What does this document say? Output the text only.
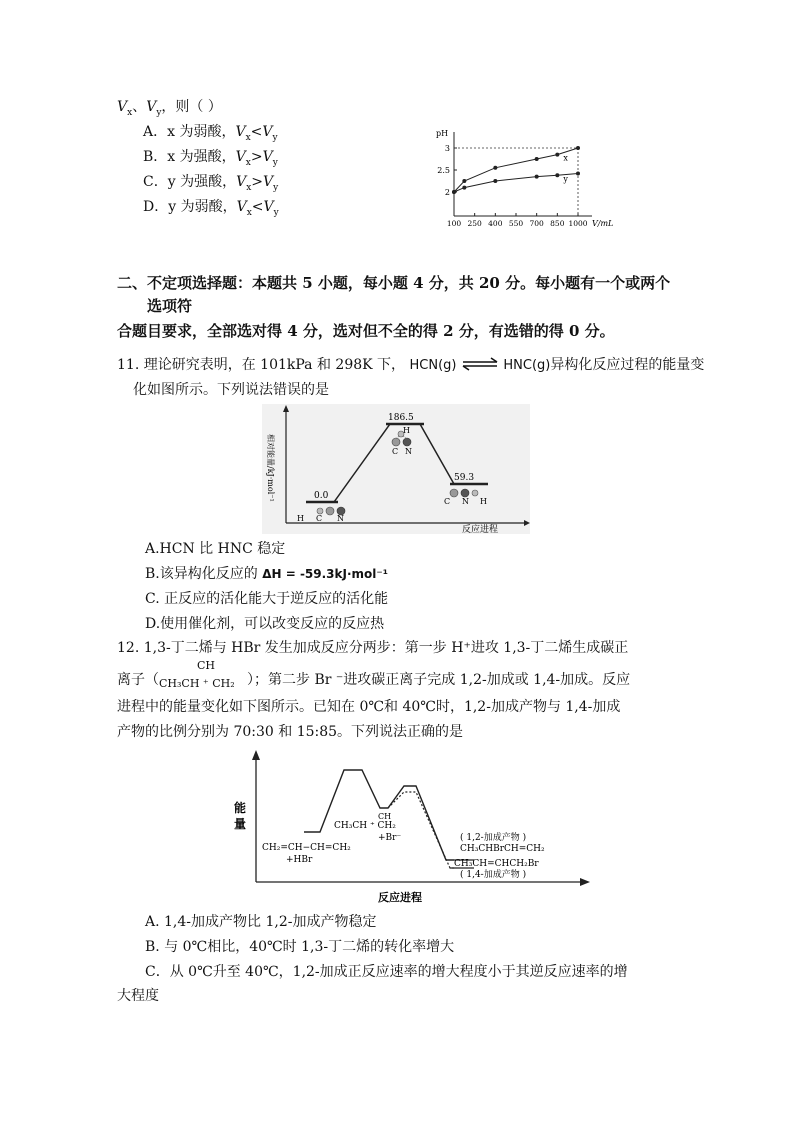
$V_x$、$V_y$，则（ ）
A．x 为弱酸，$V_x<V_y$
B．x 为强酸，$V_x>V_y$
C．y 为强酸，$V_x>V_y$
D．y 为弱酸，$V_x<V_y$
2
2.5
3
100 250 400 550 700 850 1000
pH
V/mL
x
y
二、不定项选择题：本题共 5 小题，每小题 4 分，共 20 分。每小题有一个或两个
选项符
合题目要求，全部选对得 4 分，选对但不全的得 2 分，有选错的得 0 分。
11. 理论研究表明，在 101kPa 和 298K 下， HCN(g) ⇌ HNC(g)异构化反应过程的能量变
化如图所示。下列说法错误的是
相对能量/kJ·mol⁻¹
反应进程
0.0
186.5
59.3
H C N
H
C N
C N H
A.HCN 比 HNC 稳定
B.该异构化反应的 ΔH = -59.3kJ·mol⁻¹
C. 正反应的活化能大于逆反应的活化能
D.使用催化剂，可以改变反应的反应热
12. 1,3-丁二烯与 HBr 发生加成反应分两步：第一步 H⁺进攻 1,3-丁二烯生成碳正
离子（
CH
CH₃CH ⁺ CH₂ ）；第二步 Br ⁻进攻碳正离子完成 1,2-加成或 1,4-加成。反应
进程中的能量变化如下图所示。已知在 0℃和 40℃时，1,2-加成产物与 1,4-加成
产物的比例分别为 70:30 和 15:85。下列说法正确的是
能
量
反应进程
CH₂=CH−CH=CH₂
+HBr
CH
CH₃CH ⁺ CH₂
+Br⁻	( 1,2-加成产物 )
CH₃CHBrCH=CH₂
CH₃CH=CHCH₂Br
( 1,4-加成产物 )
A. 1,4-加成产物比 1,2-加成产物稳定
B. 与 0℃相比，40℃时 1,3-丁二烯的转化率增大
C．从 0℃升至 40℃，1,2-加成正反应速率的增大程度小于其逆反应速率的增
大程度
